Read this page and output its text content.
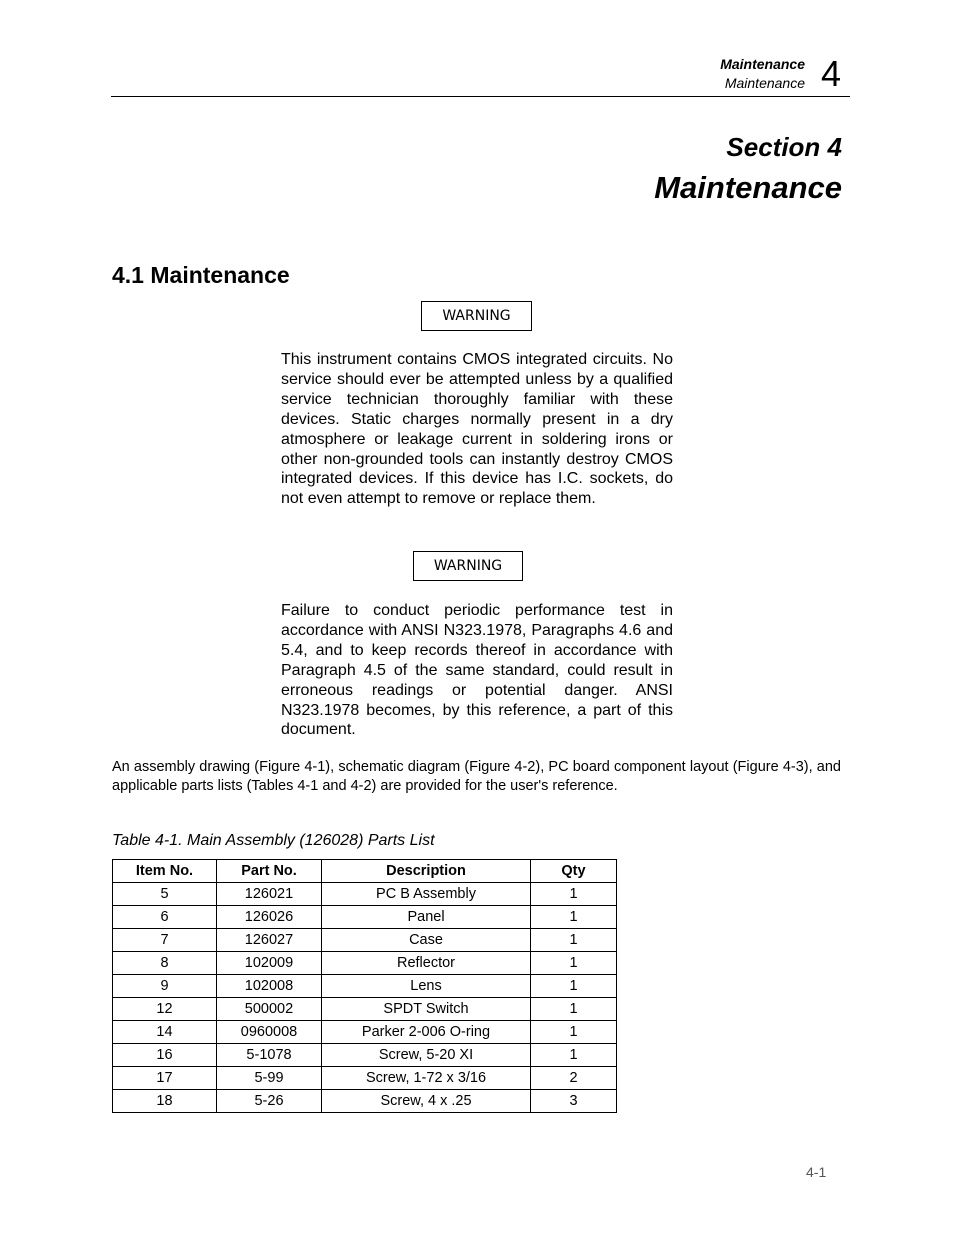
Maintenance
Maintenance 4
Section 4
Maintenance
4.1 Maintenance
WARNING
This instrument contains CMOS integrated circuits. No service should ever be attempted unless by a qualified service technician thoroughly familiar with these devices. Static charges normally present in a dry atmosphere or leakage current in soldering irons or other non-grounded tools can instantly destroy CMOS integrated devices. If this device has I.C. sockets, do not even attempt to remove or replace them.
WARNING
Failure to conduct periodic performance test in accordance with ANSI N323.1978, Paragraphs 4.6 and 5.4, and to keep records thereof in accordance with Paragraph 4.5 of the same standard, could result in erroneous readings or potential danger. ANSI N323.1978 becomes, by this reference, a part of this document.
An assembly drawing (Figure 4-1), schematic diagram (Figure 4-2), PC board component layout (Figure 4-3), and applicable parts lists (Tables 4-1 and 4-2) are provided for the user's reference.
Table 4-1. Main Assembly (126028) Parts List
Item No.	Part No.	Description	Qty
5	126021	PC B Assembly	1
6	126026	Panel	1
7	126027	Case	1
8	102009	Reflector	1
9	102008	Lens	1
12	500002	SPDT Switch	1
14	0960008	Parker 2-006 O-ring	1
16	5-1078	Screw, 5-20 XI	1
17	5-99	Screw, 1-72 x 3/16	2
18	5-26	Screw, 4 x .25	3
4-1
